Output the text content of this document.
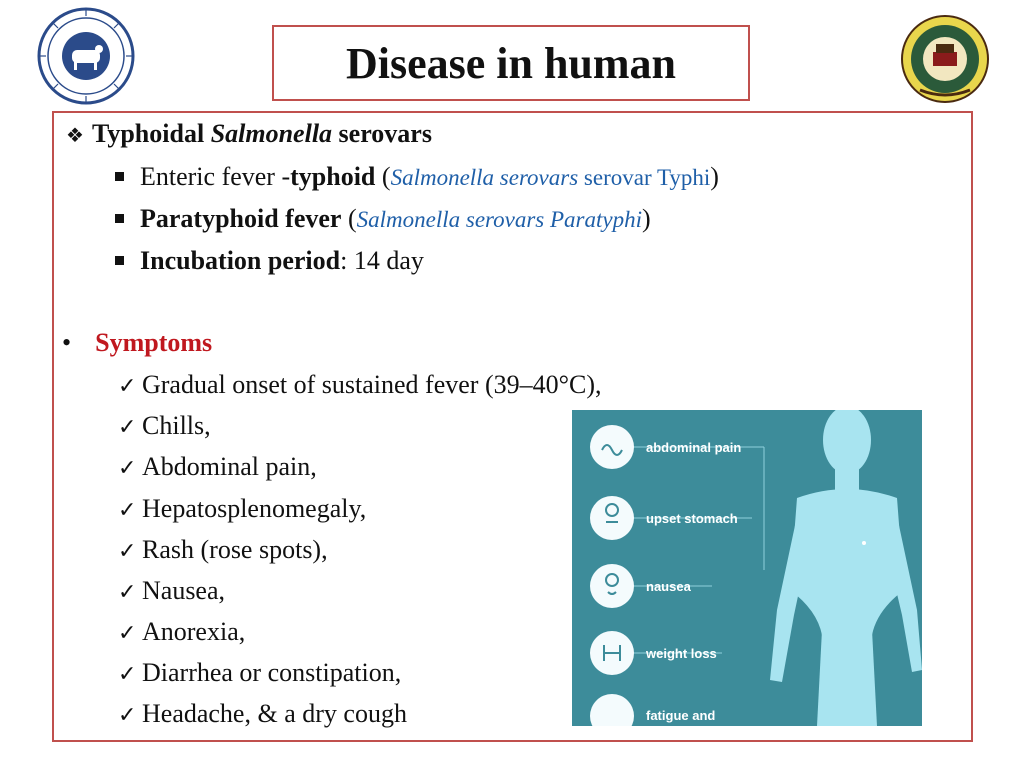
Disease in human
❖ Typhoidal Salmonella serovars
Enteric fever -typhoid (Salmonella serovars serovar Typhi)
Paratyphoid fever (Salmonella serovars Paratyphi)
Incubation period: 14 day
• Symptoms
✓ Gradual onset of sustained fever (39–40°C),
✓ Chills,
✓ Abdominal pain,
✓ Hepatosplenomegaly,
✓ Rash (rose spots),
✓ Nausea,
✓ Anorexia,
✓ Diarrhea or constipation,
✓ Headache, & a dry cough
abdominal pain
upset stomach
nausea
weight loss
fatigue and
